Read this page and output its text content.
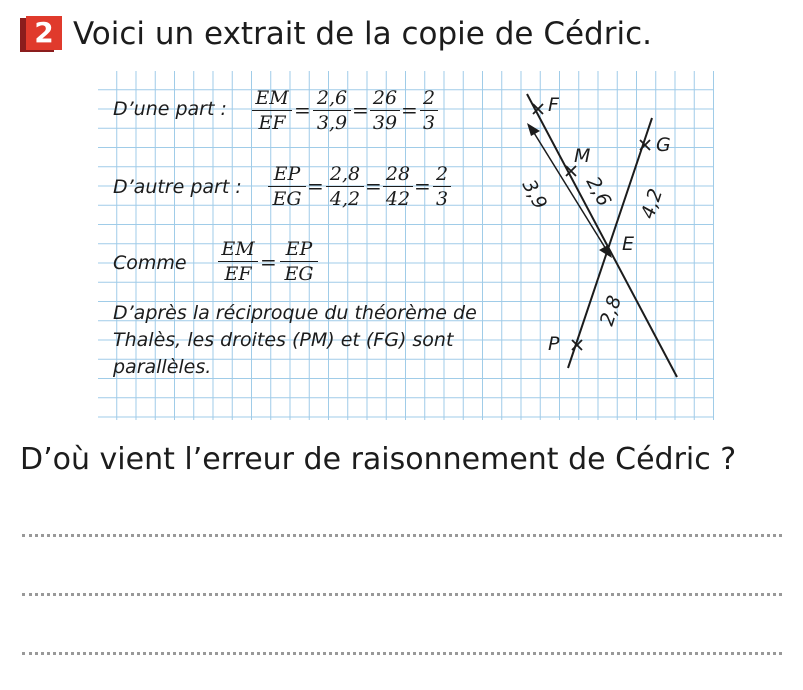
2 Voici un extrait de la copie de Cédric.
D’une part : $\frac{EM}{EF} = \frac{2,6}{3,9} = \frac{26}{39} = \frac{2}{3}$
D’autre part : $\frac{EP}{EG} = \frac{2,8}{4,2} = \frac{28}{42} = \frac{2}{3}$
Comme $\frac{EM}{EF} = \frac{EP}{EG}$
D’après la réciproque du théorème de Thalès, les droites (PM) et (FG) sont parallèles.
F
M	G
E
P
3,9 2,6 4,2
2,8
D’où vient l’erreur de raisonnement de Cédric ?
